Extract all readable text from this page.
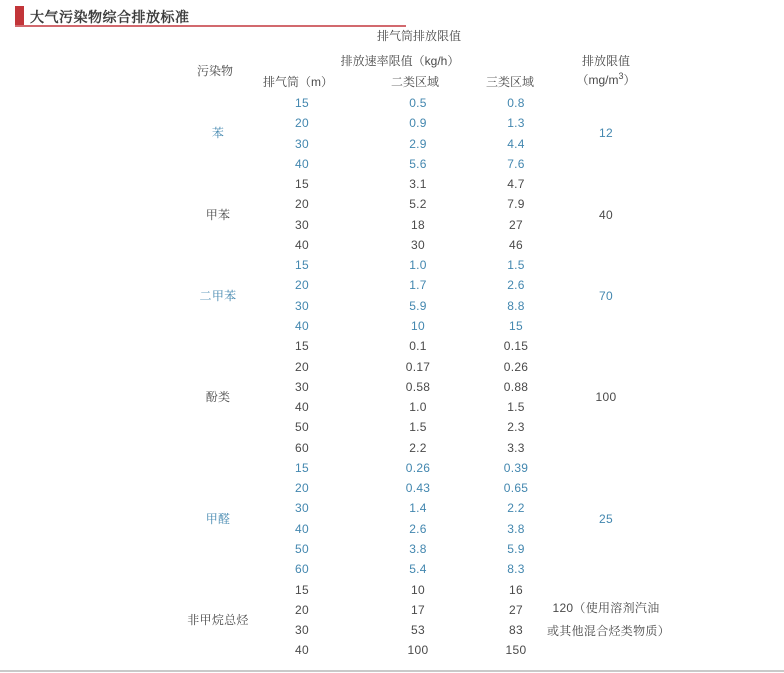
大气污染物综合排放标准
排气筒排放限值
排放速率限值（kg/h）	排放限值
污染物
排气筒（m）	二类区域	三类区域	$(mg/m^3)$
苯
15	0.5	0.8
20	0.9	1.3
30	2.9	4.4
40	5.6	7.6
12
甲苯
15	3.1	4.7
20	5.2	7.9
30	18	27
40	30	46
40
二甲苯
15	1.0	1.5
20	1.7	2.6
30	5.9	8.8
40	10	15
70
酚类
15	0.1	0.15
20	0.17	0.26
30	0.58	0.88
40	1.0	1.5
50	1.5	2.3
60	2.2	3.3
100
甲醛
15	0.26	0.39
20	0.43	0.65
30	1.4	2.2
40	2.6	3.8
50	3.8	5.9
60	5.4	8.3
25
非甲烷总烃
15	10	16
20	17	27
30	53	83
40	100	150
120（使用溶剂汽油或其他混合烃类物质）
